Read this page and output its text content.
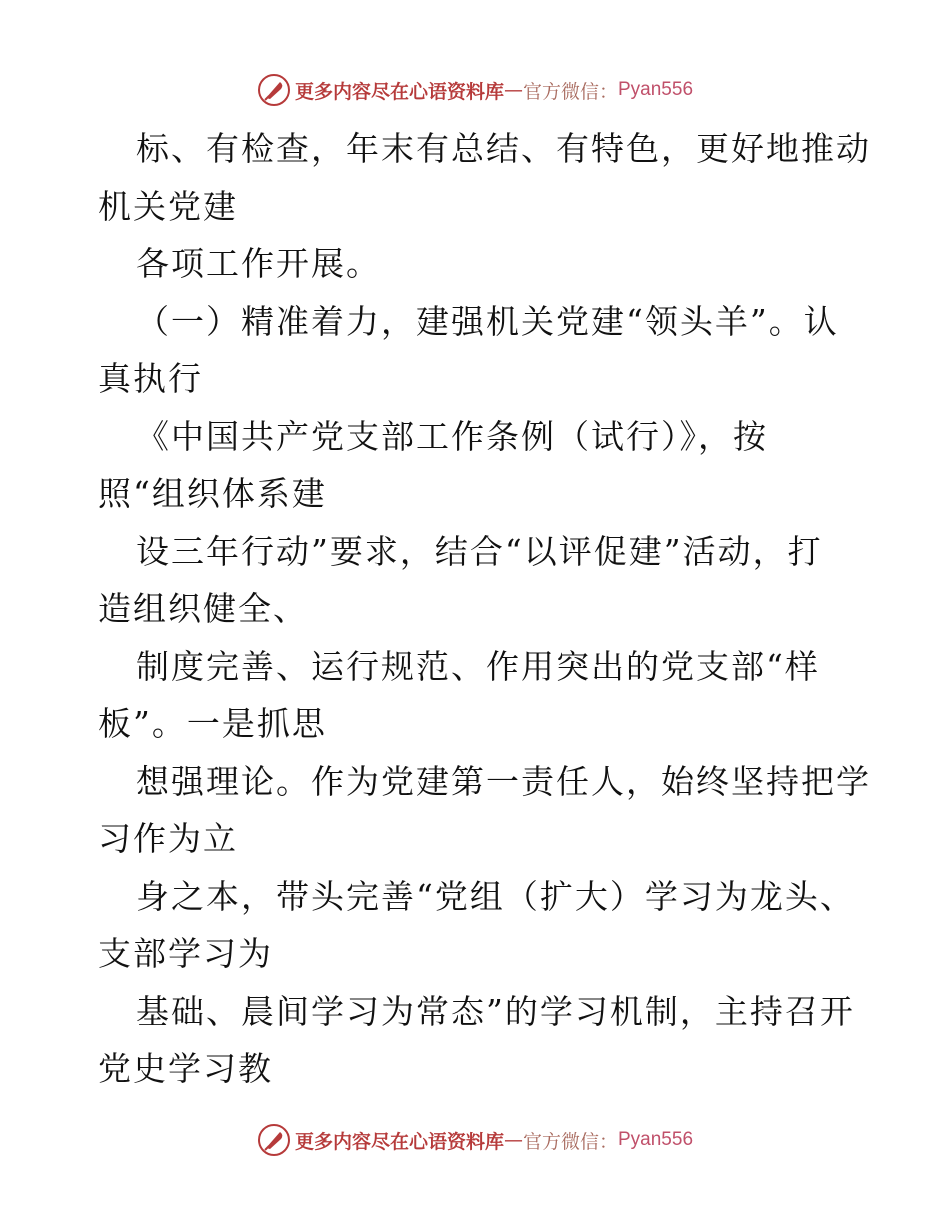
更多内容尽在心语资料库 — 官方微信： Pyan556
标、有检查，年末有总结、有特色，更好地推动
机关党建
各项工作开展。
（一）精准着力，建强机关党建“领头羊”。认
真执行
《中国共产党支部工作条例（试行）》，按
照“组织体系建
设三年行动”要求，结合“以评促建”活动，打
造组织健全、
制度完善、运行规范、作用突出的党支部“样
板”。一是抓思
想强理论。作为党建第一责任人，始终坚持把学
习作为立
身之本，带头完善“党组（扩大）学习为龙头、
支部学习为
基础、晨间学习为常态”的学习机制，主持召开
党史学习教
更多内容尽在心语资料库 — 官方微信： Pyan556
